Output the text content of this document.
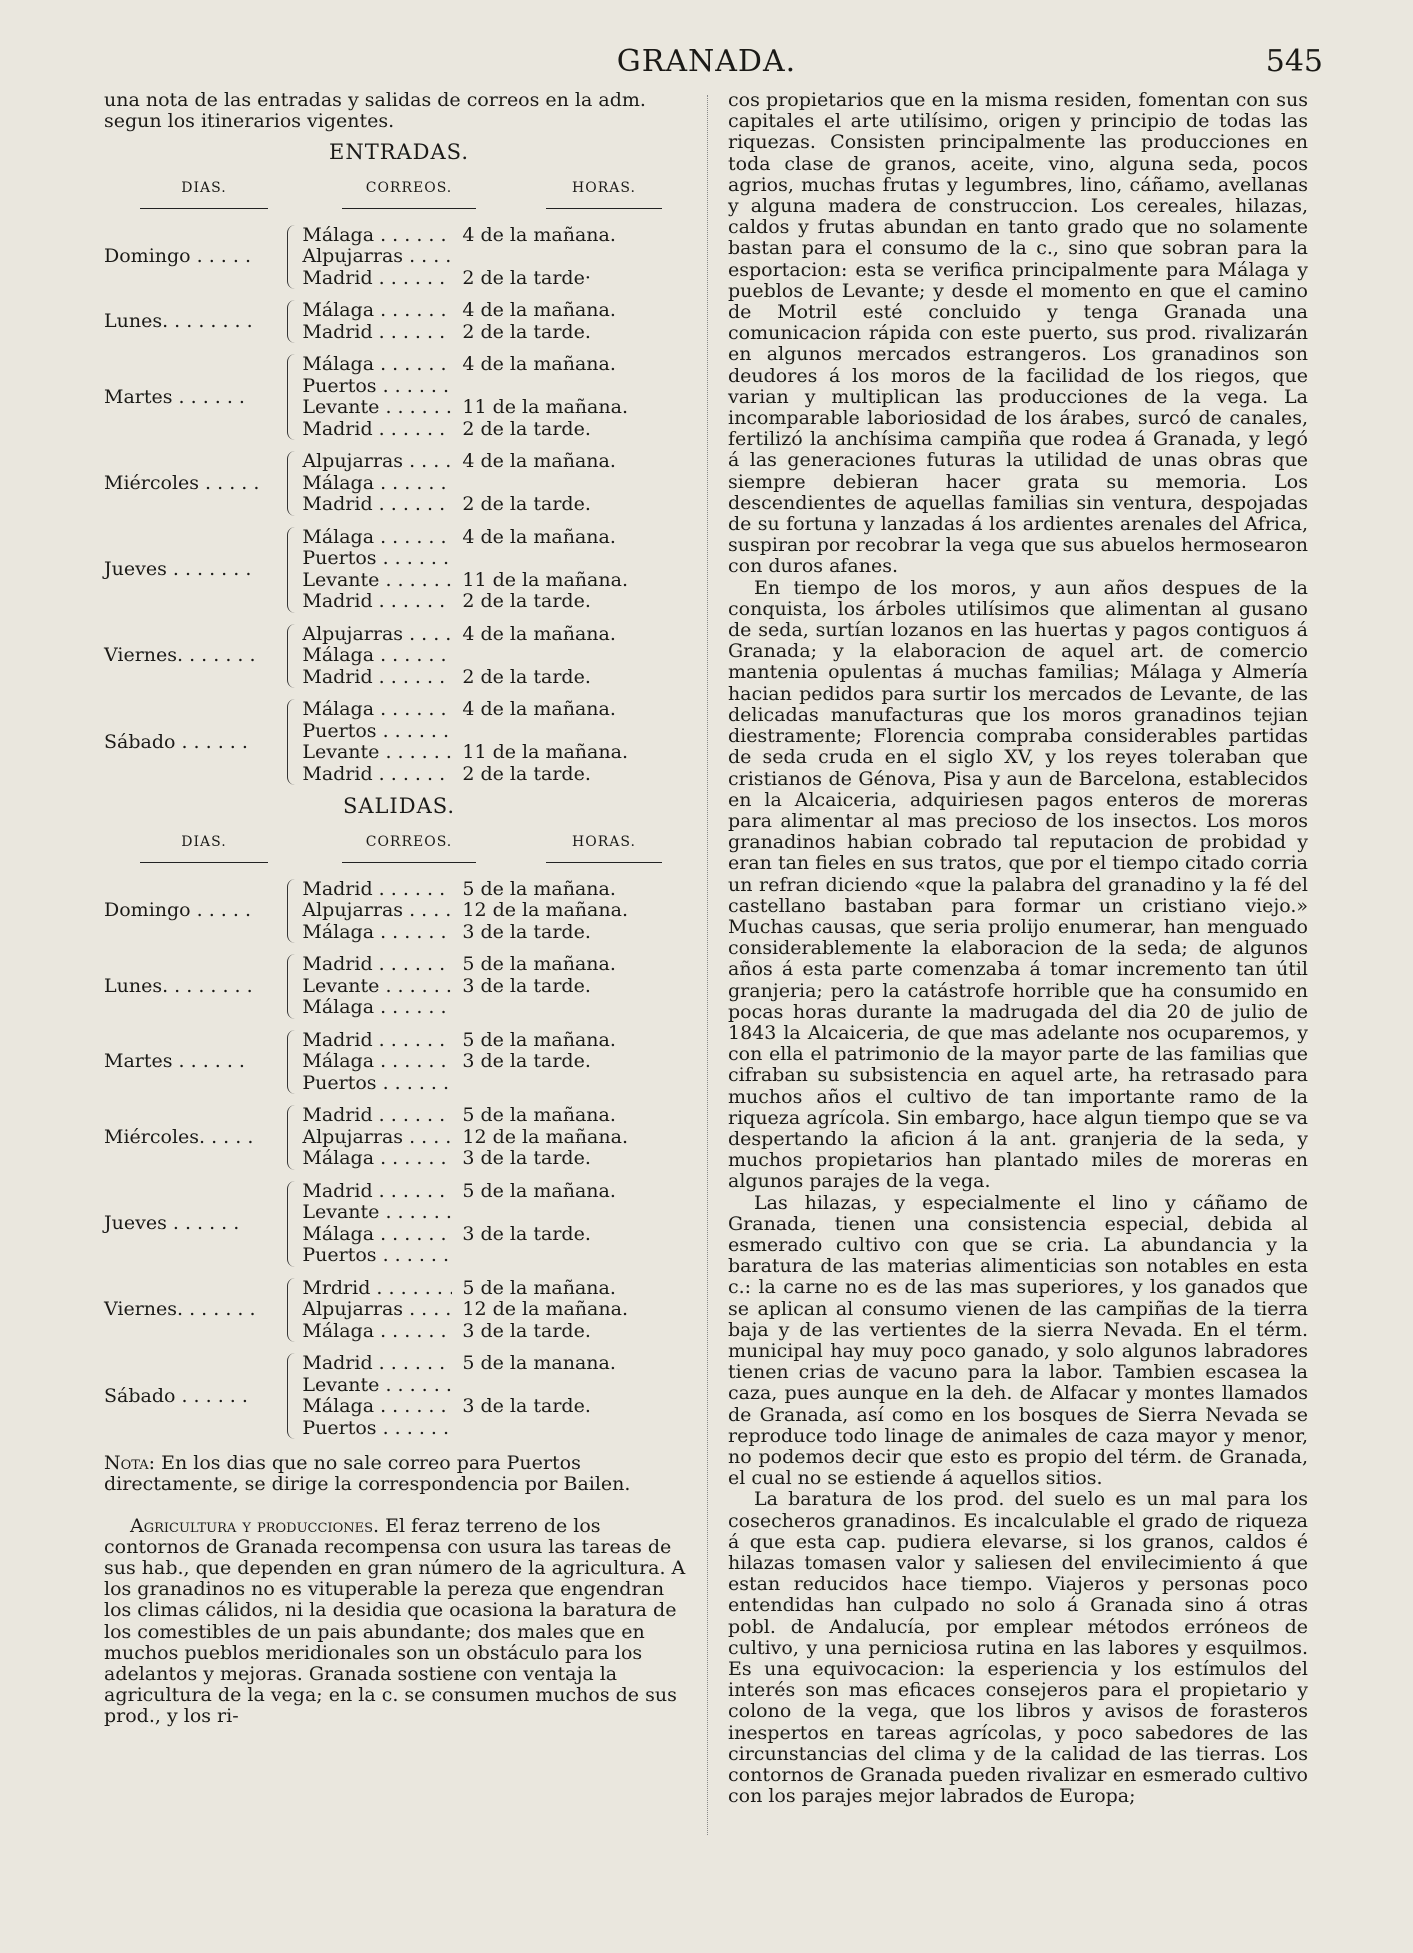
GRANADA.	545

una nota de las entradas y salidas de correos en la adm. segun los itinerarios vigentes.

ENTRADAS.
DIAS.	CORREOS.	HORAS.
Domingo . . . . .
Málaga . . .	4 de la mañana.
Alpujarras . . .
Madrid . . .	2 de la tarde·
Lunes. . . . . . . .	Málaga . . .	4 de la mañana.
Madrid . . .	2 de la tarde.
Martes . . . . . .
Málaga . . .	4 de la mañana.
Puertos . . .
Levante . . .	11 de la mañana.
Madrid . . .	2 de la tarde.
Miércoles . . . . .
Alpujarras . . .	4 de la mañana.
Málaga . . .
Madrid . . .	2 de la tarde.
Jueves . . . . . . .
Málaga . . .	4 de la mañana.
Puertos . . .
Levante . . .	11 de la mañana.
Madrid . . .	2 de la tarde.
Viernes. . . . . . .
Alpujarras . . .	4 de la mañana.
Málaga . . .
Madrid . . .	2 de la tarde.
Sábado . . . . . .
Málaga . . .	4 de la mañana.
Puertos . . .
Levante . . .	11 de la mañana.
Madrid . . .	2 de la tarde.
SALIDAS.
DIAS.	CORREOS.	HORAS.
Domingo . . . . .
Madrid . . .	5 de la mañana.
Alpujarras . . .	12 de la mañana.
Málaga . . .	3 de la tarde.
Lunes. . . . . . . .
Madrid . . .	5 de la mañana.
Levante . . .	3 de la tarde.
Málaga . . .
Martes . . . . . .
Madrid . . .	5 de la mañana.
Málaga . . .	3 de la tarde.
Puertos . . .
Miércoles. . . . .
Madrid . . .	5 de la mañana.
Alpujarras . . .	12 de la mañana.
Málaga . . .	3 de la tarde.
Jueves . . . . . .
Madrid . . .	5 de la mañana.
Levante . . .
Málaga . . .	3 de la tarde.
Puertos . . .
Viernes. . . . . . .
Mrdrid . . .	5 de la mañana.
Alpujarras . . .	12 de la mañana.
Málaga . . .	3 de la tarde.
Sábado . . . . . .
Madrid . . .	5 de la manana.
Levante . . .
Málaga . . .	3 de la tarde.
Puertos . . .

Nota: En los dias que no sale correo para Puertos directamente, se dirige la correspondencia por Bailen.

Agricultura y producciones. El feraz terreno de los contornos de Granada recompensa con usura las tareas de sus hab., que dependen en gran número de la agricultura. A los granadinos no es vituperable la pereza que engendran los climas cálidos, ni la desidia que ocasiona la baratura de los comestibles de un pais abundante; dos males que en muchos pueblos meridionales son un obstáculo para los adelantos y mejoras. Granada sostiene con ventaja la agricultura de la vega; en la c. se consumen muchos de sus prod., y los ri-

cos propietarios que en la misma residen, fomentan con sus capitales el arte utilísimo, origen y principio de todas las riquezas. Consisten principalmente las producciones en toda clase de granos, aceite, vino, alguna seda, pocos agrios, muchas frutas y legumbres, lino, cáñamo, avellanas y alguna madera de construccion. Los cereales, hilazas, caldos y frutas abundan en tanto grado que no solamente bastan para el consumo de la c., sino que sobran para la esportacion: esta se verifica principalmente para Málaga y pueblos de Levante; y desde el momento en que el camino de Motril esté concluido y tenga Granada una comunicacion rápida con este puerto, sus prod. rivalizarán en algunos mercados estrangeros. Los granadinos son deudores á los moros de la facilidad de los riegos, que varian y multiplican las producciones de la vega. La incomparable laboriosidad de los árabes, surcó de canales, fertilizó la anchísima campiña que rodea á Granada, y legó á las generaciones futuras la utilidad de unas obras que siempre debieran hacer grata su memoria. Los descendientes de aquellas familias sin ventura, despojadas de su fortuna y lanzadas á los ardientes arenales del Africa, suspiran por recobrar la vega que sus abuelos hermosearon con duros afanes.

En tiempo de los moros, y aun años despues de la conquista, los árboles utilísimos que alimentan al gusano de seda, surtían lozanos en las huertas y pagos contiguos á Granada; y la elaboracion de aquel art. de comercio mantenia opulentas á muchas familias; Málaga y Almería hacian pedidos para surtir los mercados de Levante, de las delicadas manufacturas que los moros granadinos tejian diestramente; Florencia compraba considerables partidas de seda cruda en el siglo XV, y los reyes toleraban que cristianos de Génova, Pisa y aun de Barcelona, establecidos en la Alcaiceria, adquiriesen pagos enteros de moreras para alimentar al mas precioso de los insectos. Los moros granadinos habian cobrado tal reputacion de probidad y eran tan fieles en sus tratos, que por el tiempo citado corria un refran diciendo «que la palabra del granadino y la fé del castellano bastaban para formar un cristiano viejo.» Muchas causas, que seria prolijo enumerar, han menguado considerablemente la elaboracion de la seda; de algunos años á esta parte comenzaba á tomar incremento tan útil granjeria; pero la catástrofe horrible que ha consumido en pocas horas durante la madrugada del dia 20 de julio de 1843 la Alcaiceria, de que mas adelante nos ocuparemos, y con ella el patrimonio de la mayor parte de las familias que cifraban su subsistencia en aquel arte, ha retrasado para muchos años el cultivo de tan importante ramo de la riqueza agrícola. Sin embargo, hace algun tiempo que se va despertando la aficion á la ant. granjeria de la seda, y muchos propietarios han plantado miles de moreras en algunos parajes de la vega.

Las hilazas, y especialmente el lino y cáñamo de Granada, tienen una consistencia especial, debida al esmerado cultivo con que se cria. La abundancia y la baratura de las materias alimenticias son notables en esta c.: la carne no es de las mas superiores, y los ganados que se aplican al consumo vienen de las campiñas de la tierra baja y de las vertientes de la sierra Nevada. En el térm. municipal hay muy poco ganado, y solo algunos labradores tienen crias de vacuno para la labor. Tambien escasea la caza, pues aunque en la deh. de Alfacar y montes llamados de Granada, así como en los bosques de Sierra Nevada se reproduce todo linage de animales de caza mayor y menor, no podemos decir que esto es propio del térm. de Granada, el cual no se estiende á aquellos sitios.

La baratura de los prod. del suelo es un mal para los cosecheros granadinos. Es incalculable el grado de riqueza á que esta cap. pudiera elevarse, si los granos, caldos é hilazas tomasen valor y saliesen del envilecimiento á que estan reducidos hace tiempo. Viajeros y personas poco entendidas han culpado no solo á Granada sino á otras pobl. de Andalucía, por emplear métodos erróneos de cultivo, y una perniciosa rutina en las labores y esquilmos. Es una equivocacion: la esperiencia y los estímulos del interés son mas eficaces consejeros para el propietario y colono de la vega, que los libros y avisos de forasteros inespertos en tareas agrícolas, y poco sabedores de las circunstancias del clima y de la calidad de las tierras. Los contornos de Granada pueden rivalizar en esmerado cultivo con los parajes mejor labrados de Europa;
